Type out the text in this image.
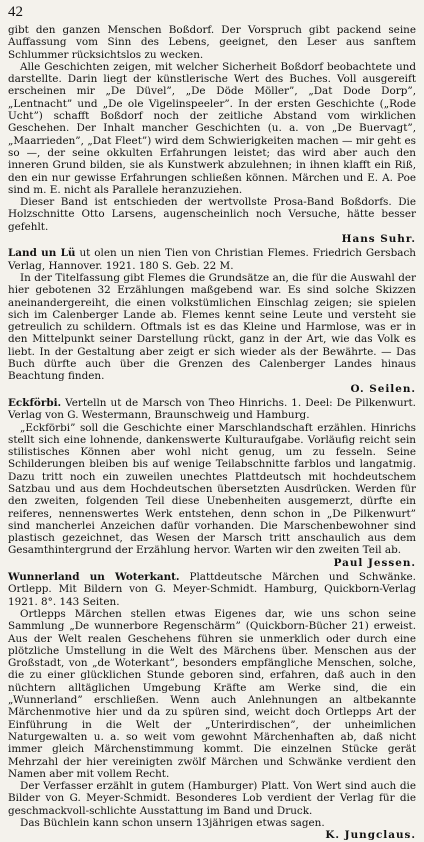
42

gibt den ganzen Menschen Boßdorf. Der Vorspruch gibt packend seine Auffassung vom Sinn des Lebens, geeignet, den Leser aus sanftem Schlummer rücksichtslos zu wecken.

Alle Geschichten zeigen, mit welcher Sicherheit Boßdorf beobachtete und darstellte. Darin liegt der künstlerische Wert des Buches. Voll ausgereift erscheinen mir „De Düvel”, „De Döde Möller”, „Dat Dode Dorp”, „Lentnacht” und „De ole Vigelinspeeler”. In der ersten Geschichte („Rode Ucht”) schafft Boßdorf noch der zeitliche Abstand vom wirklichen Geschehen. Der Inhalt mancher Geschichten (u. a. von „De Buervagt”, „Maarrieden”, „Dat Fleet”) wird dem Schwierigkeiten machen — mir geht es so —, der seine okkulten Erfahrungen leistet; das wird aber auch den inneren Grund bilden, sie als Kunstwerk abzulehnen; in ihnen klafft ein Riß, den ein nur gewisse Erfahrungen schließen können. Märchen und E. A. Poe sind m. E. nicht als Parallele heranzuziehen.

Dieser Band ist entschieden der wertvollste Prosa-Band Boßdorfs. Die Holzschnitte Otto Larsens, augenscheinlich noch Versuche, hätte besser gefehlt.

Hans Suhr.

Land un Lü ut olen un nien Tien von Christian Flemes. Friedrich Gersbach Verlag, Hannover. 1921. 180 S. Geb. 22 M.

In der Titelfassung gibt Flemes die Grundsätze an, die für die Auswahl der hier gebotenen 32 Erzählungen maßgebend war. Es sind solche Skizzen aneinandergereiht, die einen volkstümlichen Einschlag zeigen; sie spielen sich im Calenberger Lande ab. Flemes kennt seine Leute und versteht sie getreulich zu schildern. Oftmals ist es das Kleine und Harmlose, was er in den Mittelpunkt seiner Darstellung rückt, ganz in der Art, wie das Volk es liebt. In der Gestaltung aber zeigt er sich wieder als der Bewährte. — Das Buch dürfte auch über die Grenzen des Calenberger Landes hinaus Beachtung finden.

O. Seilen.

Eckförbi. Vertelln ut de Marsch von Theo Hinrichs. 1. Deel: De Pilkenwurt. Verlag von G. Westermann, Braunschweig und Hamburg.

„Eckförbi” soll die Geschichte einer Marschlandschaft erzählen. Hinrichs stellt sich eine lohnende, dankenswerte Kulturaufgabe. Vorläufig reicht sein stilistisches Können aber wohl nicht genug, um zu fesseln. Seine Schilderungen bleiben bis auf wenige Teilabschnitte farblos und langatmig. Dazu tritt noch ein zuweilen unechtes Plattdeutsch mit hochdeutschem Satzbau und aus dem Hochdeutschen übersetzten Ausdrücken. Werden für den zweiten, folgenden Teil diese Unebenheiten ausgemerzt, dürfte ein reiferes, nennenswertes Werk entstehen, denn schon in „De Pilkenwurt” sind mancherlei Anzeichen dafür vorhanden. Die Marschenbewohner sind plastisch gezeichnet, das Wesen der Marsch tritt anschaulich aus dem Gesamthintergrund der Erzählung hervor. Warten wir den zweiten Teil ab.

Paul Jessen.

Wunnerland un Woterkant. Plattdeutsche Märchen und Schwänke. Ortlepp. Mit Bildern von G. Meyer-Schmidt. Hamburg, Quickborn-Verlag 1921. 8°. 143 Seiten.

Ortlepps Märchen stellen etwas Eigenes dar, wie uns schon seine Sammlung „De wunnerbore Regenschärm” (Quickborn-Bücher 21) erweist. Aus der Welt realen Geschehens führen sie unmerklich oder durch eine plötzliche Umstellung in die Welt des Märchens über. Menschen aus der Großstadt, von „de Woterkant”, besonders empfängliche Menschen, solche, die zu einer glücklichen Stunde geboren sind, erfahren, daß auch in den nüchtern alltäglichen Umgebung Kräfte am Werke sind, die ein „Wunnerland” erschließen. Wenn auch Anlehnungen an altbekannte Märchenmotive hier und da zu spüren sind, weicht doch Ortlepps Art der Einführung in die Welt der „Unterirdischen”, der unheimlichen Naturgewalten u. a. so weit vom gewohnt Märchenhaften ab, daß nicht immer gleich Märchenstimmung kommt. Die einzelnen Stücke gerät Mehrzahl der hier vereinigten zwölf Märchen und Schwänke verdient den Namen aber mit vollem Recht.

Der Verfasser erzählt in gutem (Hamburger) Platt. Von Wert sind auch die Bilder von G. Meyer-Schmidt. Besonderes Lob verdient der Verlag für die geschmackvoll-schlichte Ausstattung im Band und Druck.

Das Büchlein kann schon unsern 13jährigen etwas sagen.

K. Jungclaus.
